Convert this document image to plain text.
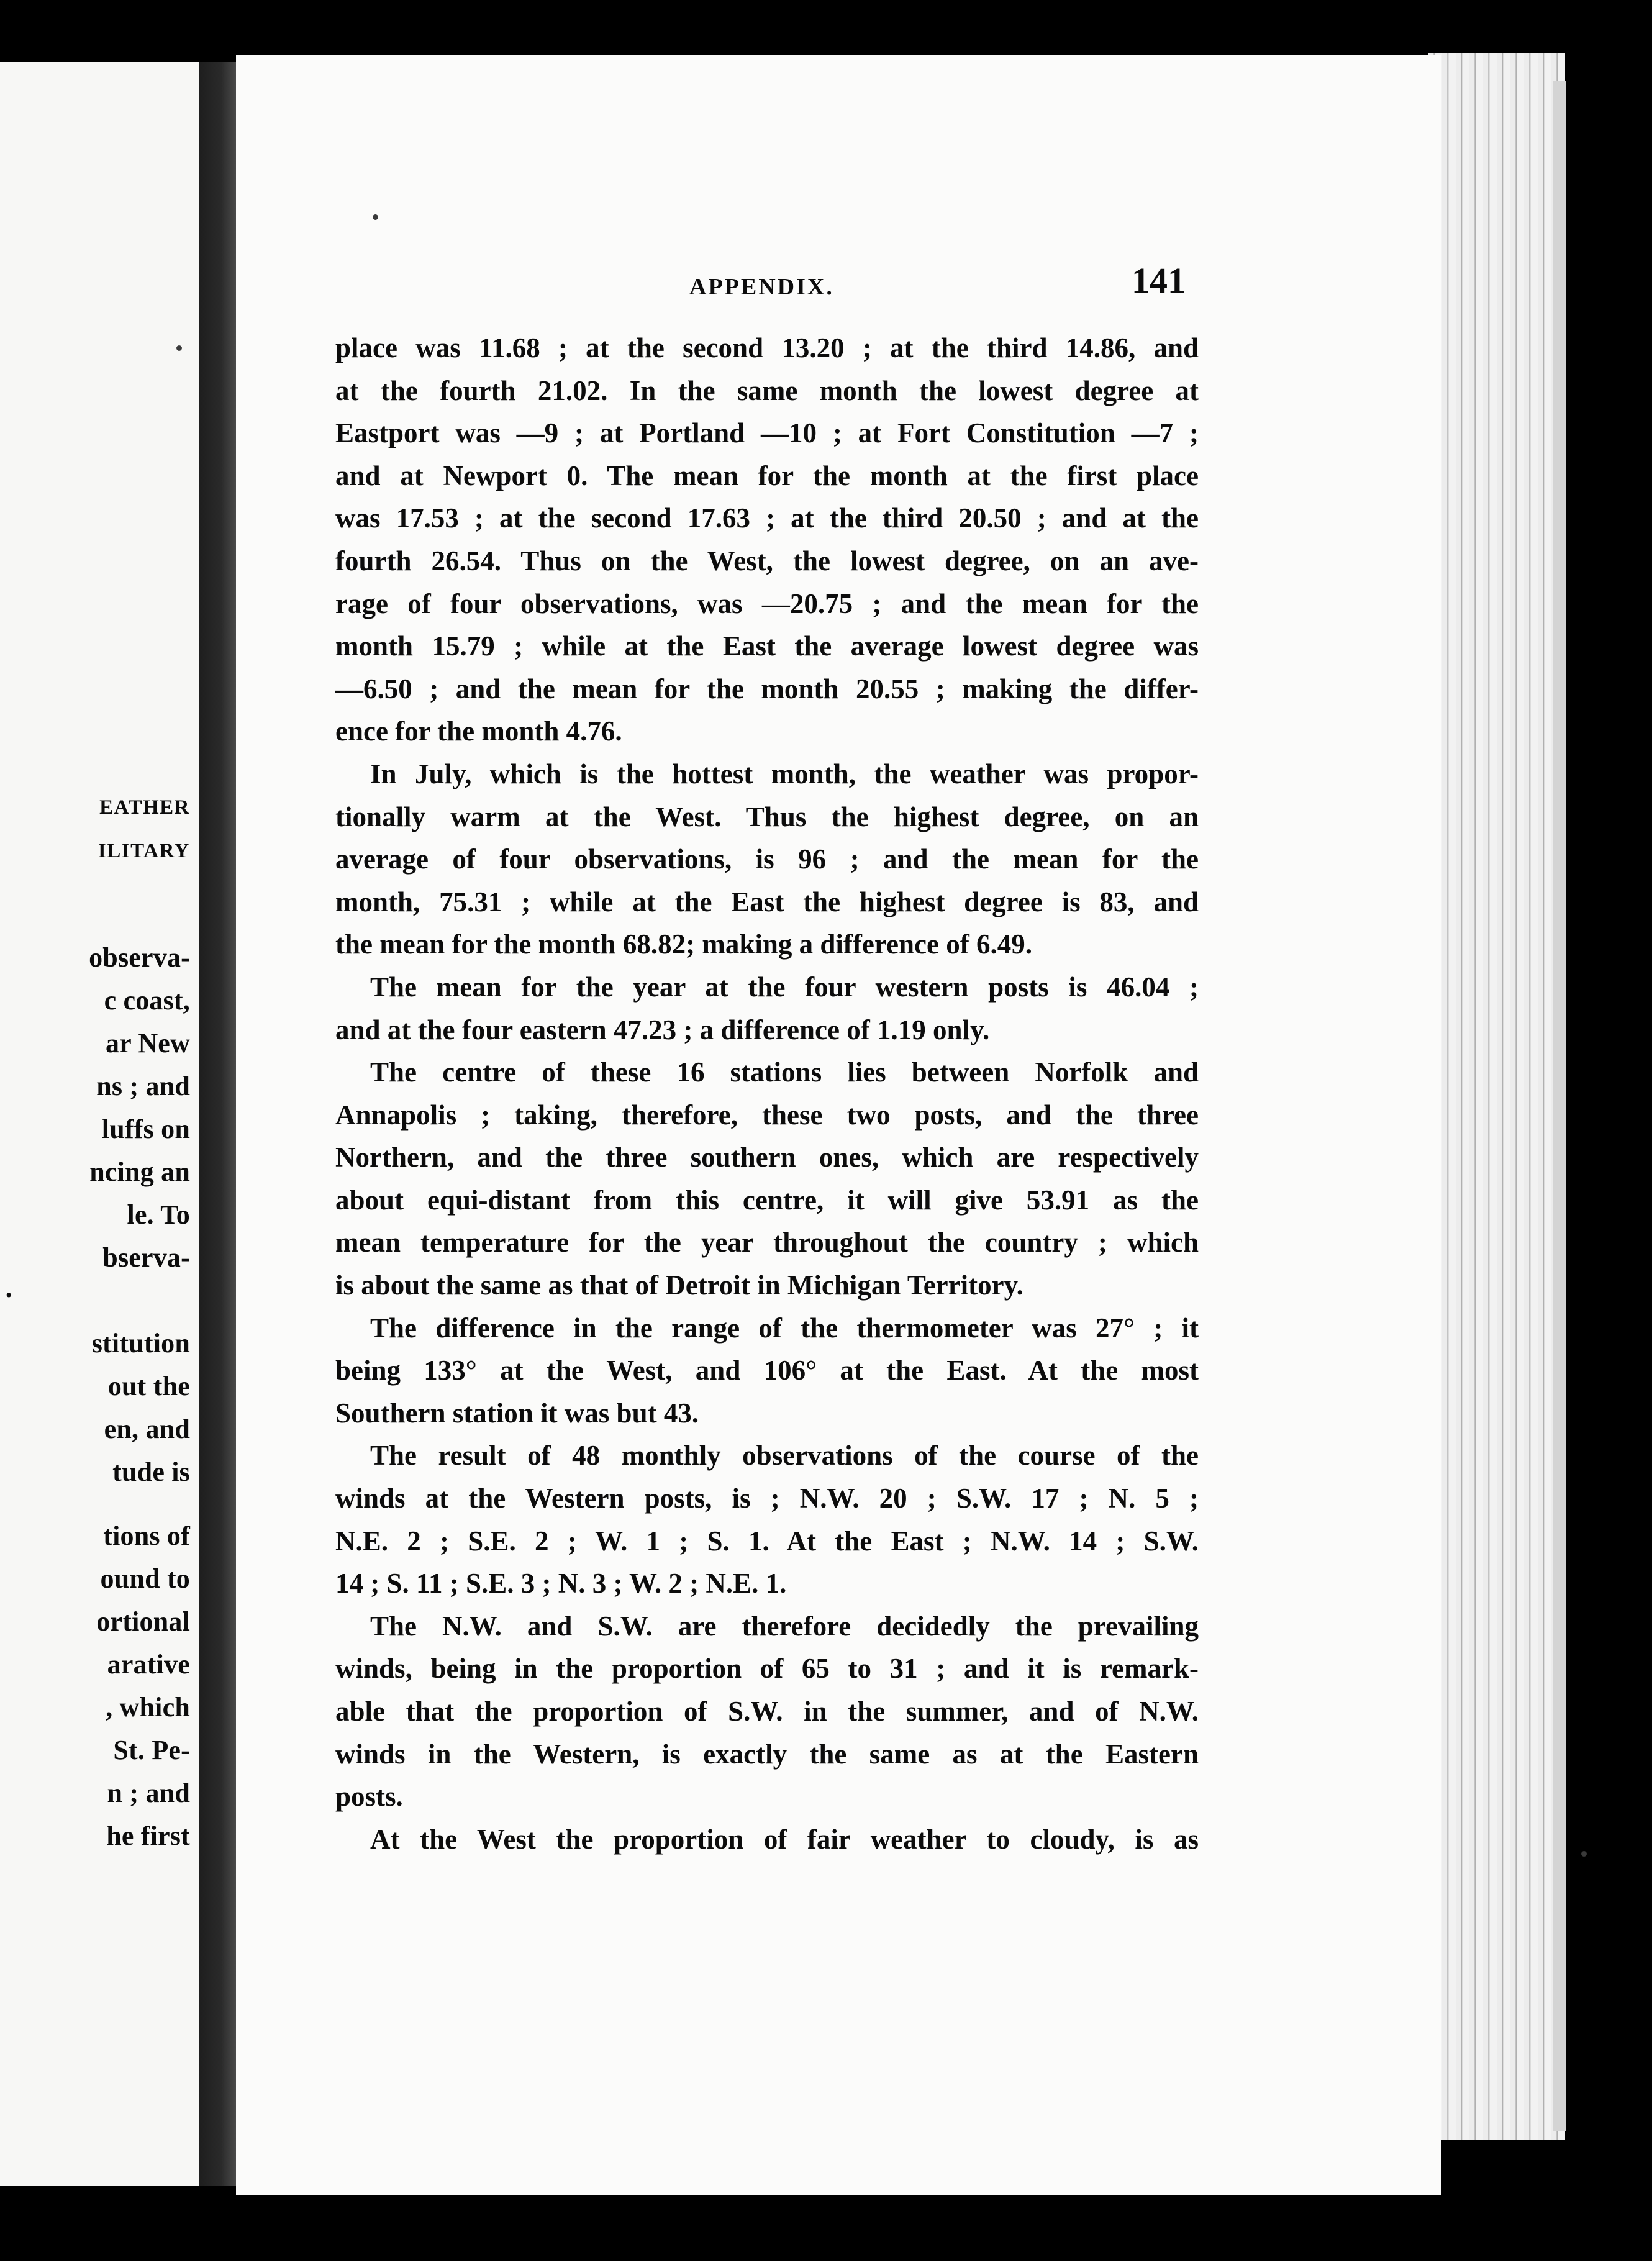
EATHER
ILITARY
observa-
c coast,
ar New
ns ; and
luffs on
ncing an
le. To
bserva-
.
stitution
out the
en, and
tude is
tions of
ound to
ortional
arative
, which
St. Pe-
n ; and
he first
APPENDIX.	141
place was 11.68 ; at the second 13.20 ; at the third 14.86, and
at the fourth 21.02. In the same month the lowest degree at
Eastport was —9 ; at Portland —10 ; at Fort Constitution —7 ;
and at Newport 0. The mean for the month at the first place
was 17.53 ; at the second 17.63 ; at the third 20.50 ; and at the
fourth 26.54. Thus on the West, the lowest degree, on an ave-
rage of four observations, was —20.75 ; and the mean for the
month 15.79 ; while at the East the average lowest degree was
—6.50 ; and the mean for the month 20.55 ; making the differ-
ence for the month 4.76.
In July, which is the hottest month, the weather was propor-
tionally warm at the West. Thus the highest degree, on an
average of four observations, is 96 ; and the mean for the
month, 75.31 ; while at the East the highest degree is 83, and
the mean for the month 68.82; making a difference of 6.49.
The mean for the year at the four western posts is 46.04 ;
and at the four eastern 47.23 ; a difference of 1.19 only.
The centre of these 16 stations lies between Norfolk and
Annapolis ; taking, therefore, these two posts, and the three
Northern, and the three southern ones, which are respectively
about equi-distant from this centre, it will give 53.91 as the
mean temperature for the year throughout the country ; which
is about the same as that of Detroit in Michigan Territory.
The difference in the range of the thermometer was 27° ; it
being 133° at the West, and 106° at the East. At the most
Southern station it was but 43.
The result of 48 monthly observations of the course of the
winds at the Western posts, is ; N.W. 20 ; S.W. 17 ; N. 5 ;
N.E. 2 ; S.E. 2 ; W. 1 ; S. 1. At the East ; N.W. 14 ; S.W.
14 ; S. 11 ; S.E. 3 ; N. 3 ; W. 2 ; N.E. 1.
The N.W. and S.W. are therefore decidedly the prevailing
winds, being in the proportion of 65 to 31 ; and it is remark-
able that the proportion of S.W. in the summer, and of N.W.
winds in the Western, is exactly the same as at the Eastern
posts.
At the West the proportion of fair weather to cloudy, is as
